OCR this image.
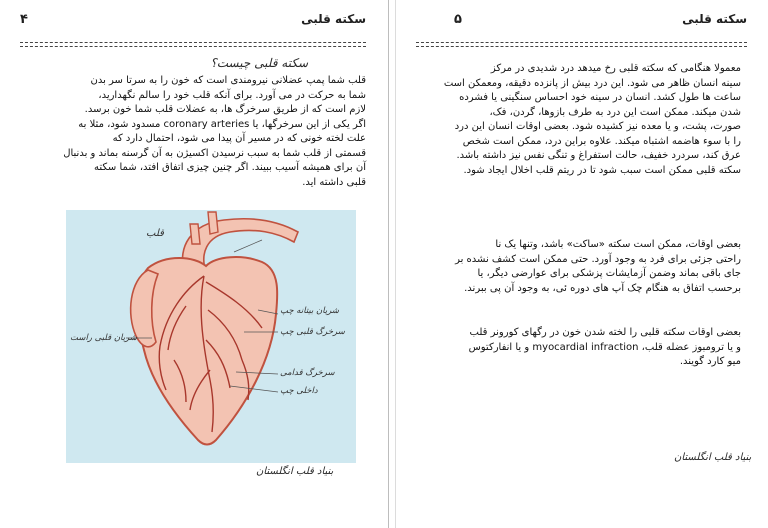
سکته قلبی
۴
سکته قلبی چیست؟
قلب
شریان قلبی راست
شریان بیتانه چپ
سرخرگ قلبی چپ
سرخرگ قدامی
داخلی چپ
قلب شما پمپ عضلانی نیرومندی است که خون را به سرتا سر بدن
شما به حرکت در می آورد. برای آنکه قلب خود را سالم نگهدارید،
لازم است که از طریق سرخرگ ها، به عضلات قلب شما خون برسد.
اگر یکی از این سرخرگها، یا coronary arteries مسدود شود، مثلا به
علت لخته خونی که در مسیر آن پیدا می شود، احتمال دارد که
قسمتی از قلب شما به سبب نرسیدن اکسیژن به آن گرسنه بماند و بدنبال
آن برای همیشه آسیب ببیند. اگر چنین چیزی اتفاق افتد، شما سکته
قلبی داشته اید.
بنیاد قلب انگلستان
سکته قلبی
۵
معمولا هنگامی که سکته قلبی رخ میدهد درد شدیدی در مرکز
سینه انسان ظاهر می شود. این درد بیش از پانزده دقیقه، ومعمکن است
ساعت ها طول کشد. انسان در سینه خود احساس سنگینی یا فشرده
شدن میکند. ممکن است این درد به طرف بازوها، گردن، فک،
صورت، پشت، و یا معده نیز کشیده شود. بعضی اوقات انسان این درد
را با سوء هاضمه اشتباه میکند. علاوه براین درد، ممکن است شخص
عرق کند، سردرد خفیف، حالت استفراغ و تنگی نفس نیز داشته باشد.
سکته قلبی ممکن است سبب شود تا در ریتم قلب اخلال ایجاد شود.
بعضی اوقات، ممکن است سکته «ساکت» باشد، وتنها یک نا
راحتی جزئی برای فرد به وجود آورد. حتی ممکن است کشف نشده بر
جای باقی بماند وضمن آزمایشات پزشکی برای عوارضی دیگر، یا
برحسب اتفاق به هنگام چک آپ های دوره ئی، به وجود آن پی ببرند.
بعضی اوقات سکته قلبی را لخته شدن خون در رگهای کورونر قلب
و یا ترومبوز عضله قلب، myocardial infraction و یا انفارکتوس
میو کارد گویند.
بنیاد قلب انگلستان
